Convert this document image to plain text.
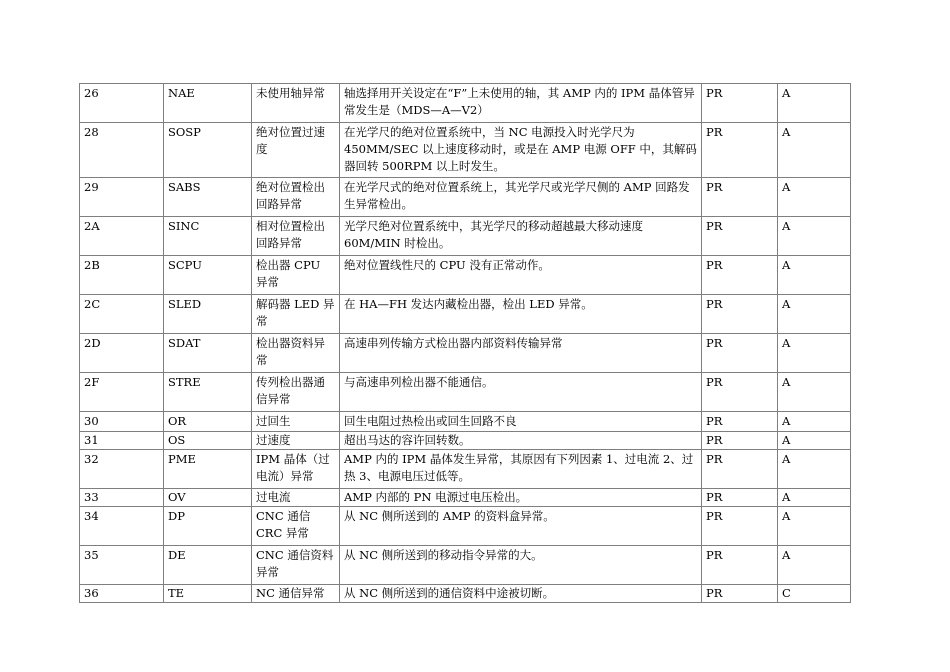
26	NAE	未使用轴异常	轴选择用开关设定在“F”上未使用的轴，其 AMP 内的 IPM 晶体管异常发生是（MDS—A—V2）	PR	A
28	SOSP	绝对位置过速度	在光学尺的绝对位置系统中，当 NC 电源投入时光学尺为 450MM/SEC 以上速度移动时，或是在 AMP 电源 OFF 中，其解码器回转 500RPM 以上时发生。	PR	A
29	SABS	绝对位置检出回路异常	在光学尺式的绝对位置系统上，其光学尺或光学尺侧的 AMP 回路发生异常检出。	PR	A
2A	SINC	相对位置检出回路异常	光学尺绝对位置系统中，其光学尺的移动超越最大移动速度 60M/MIN 时检出。	PR	A
2B	SCPU	检出器 CPU 异常	绝对位置线性尺的 CPU 没有正常动作。	PR	A
2C	SLED	解码器 LED 异常	在 HA—FH 发达内藏检出器，检出 LED 异常。	PR	A
2D	SDAT	检出器资料异常	高速串列传输方式检出器内部资料传输异常	PR	A
2F	STRE	传列检出器通信异常	与高速串列检出器不能通信。	PR	A
30	OR	过回生	回生电阻过热检出或回生回路不良	PR	A
31	OS	过速度	超出马达的容许回转数。	PR	A
32	PME	IPM 晶体（过电流）异常	AMP 内的 IPM 晶体发生异常，其原因有下列因素 1、过电流 2、过热 3、电源电压过低等。	PR	A
33	OV	过电流	AMP 内部的 PN 电源过电压检出。	PR	A
34	DP	CNC 通信 CRC 异常	从 NC 侧所送到的 AMP 的资料盒异常。	PR	A
35	DE	CNC 通信资料异常	从 NC 侧所送到的移动指令异常的大。	PR	A
36	TE	NC 通信异常	从 NC 侧所送到的通信资料中途被切断。	PR	C
